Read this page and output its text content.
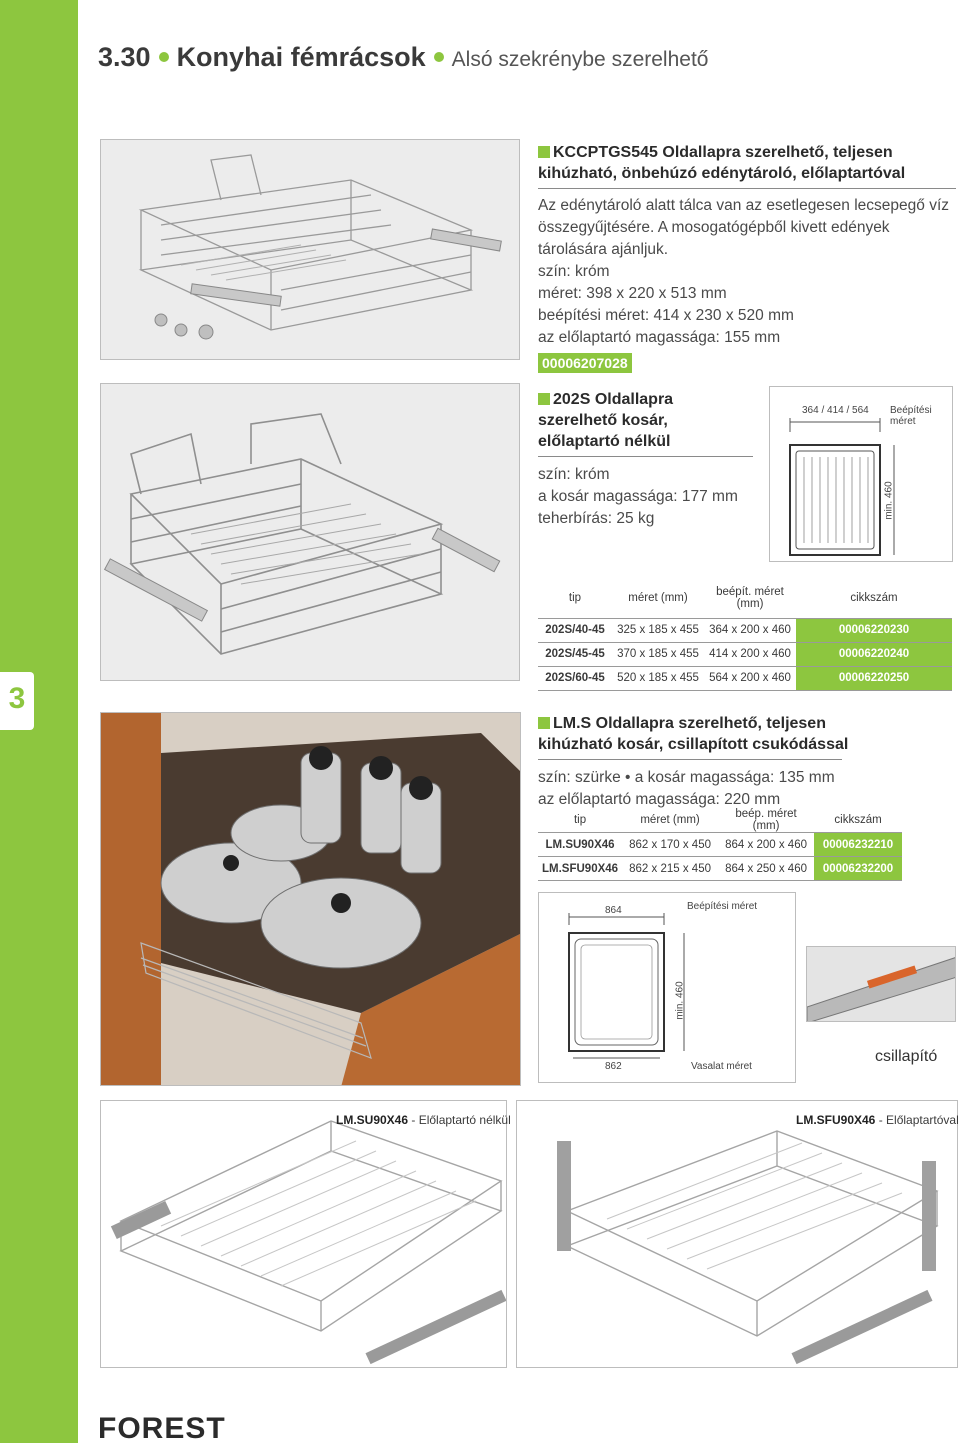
3
3.30 Konyhai fémrácsok Alsó szekrénybe szerelhető
KCCPTGS545 Oldallapra szerelhető, teljesen kihúzható, önbehúzó edénytároló, előlaptartóval
Az edénytároló alatt tálca van az esetlegesen lecsepegő víz összegyűjtésére. A mosogatógépből kivett edények tárolására ajánljuk.
szín: króm
méret: 398 x 220 x 513 mm
beépítési méret: 414 x 230 x 520 mm
az előlaptartó magassága: 155 mm
00006207028
202S Oldallapra szerelhető kosár, előlaptartó nélkül
szín: króm
a kosár magassága: 177 mm
teherbírás: 25 kg
364 / 414 / 564 Beépítési méret
min. 460
tip	méret (mm)	beépít. méret (mm)	cikkszám
202S/40-45	325 x 185 x 455	364 x 200 x 460	00006220230
202S/45-45	370 x 185 x 455	414 x 200 x 460	00006220240
202S/60-45	520 x 185 x 455	564 x 200 x 460	00006220250
LM.S Oldallapra szerelhető, teljesen kihúzható kosár, csillapított csukódással
szín: szürke • a kosár magassága: 135 mm
az előlaptartó magassága: 220 mm
tip	méret (mm)	beép. méret (mm)	cikkszám
LM.SU90X46	862 x 170 x 450	864 x 200 x 460	00006232210
LM.SFU90X46	862 x 215 x 450	864 x 250 x 460	00006232200
864	Beépítési méret
min. 460
862	Vasalat méret
csillapító
LM.SU90X46 - Előlaptartó nélkül	LM.SFU90X46 - Előlaptartóval
FOREST
